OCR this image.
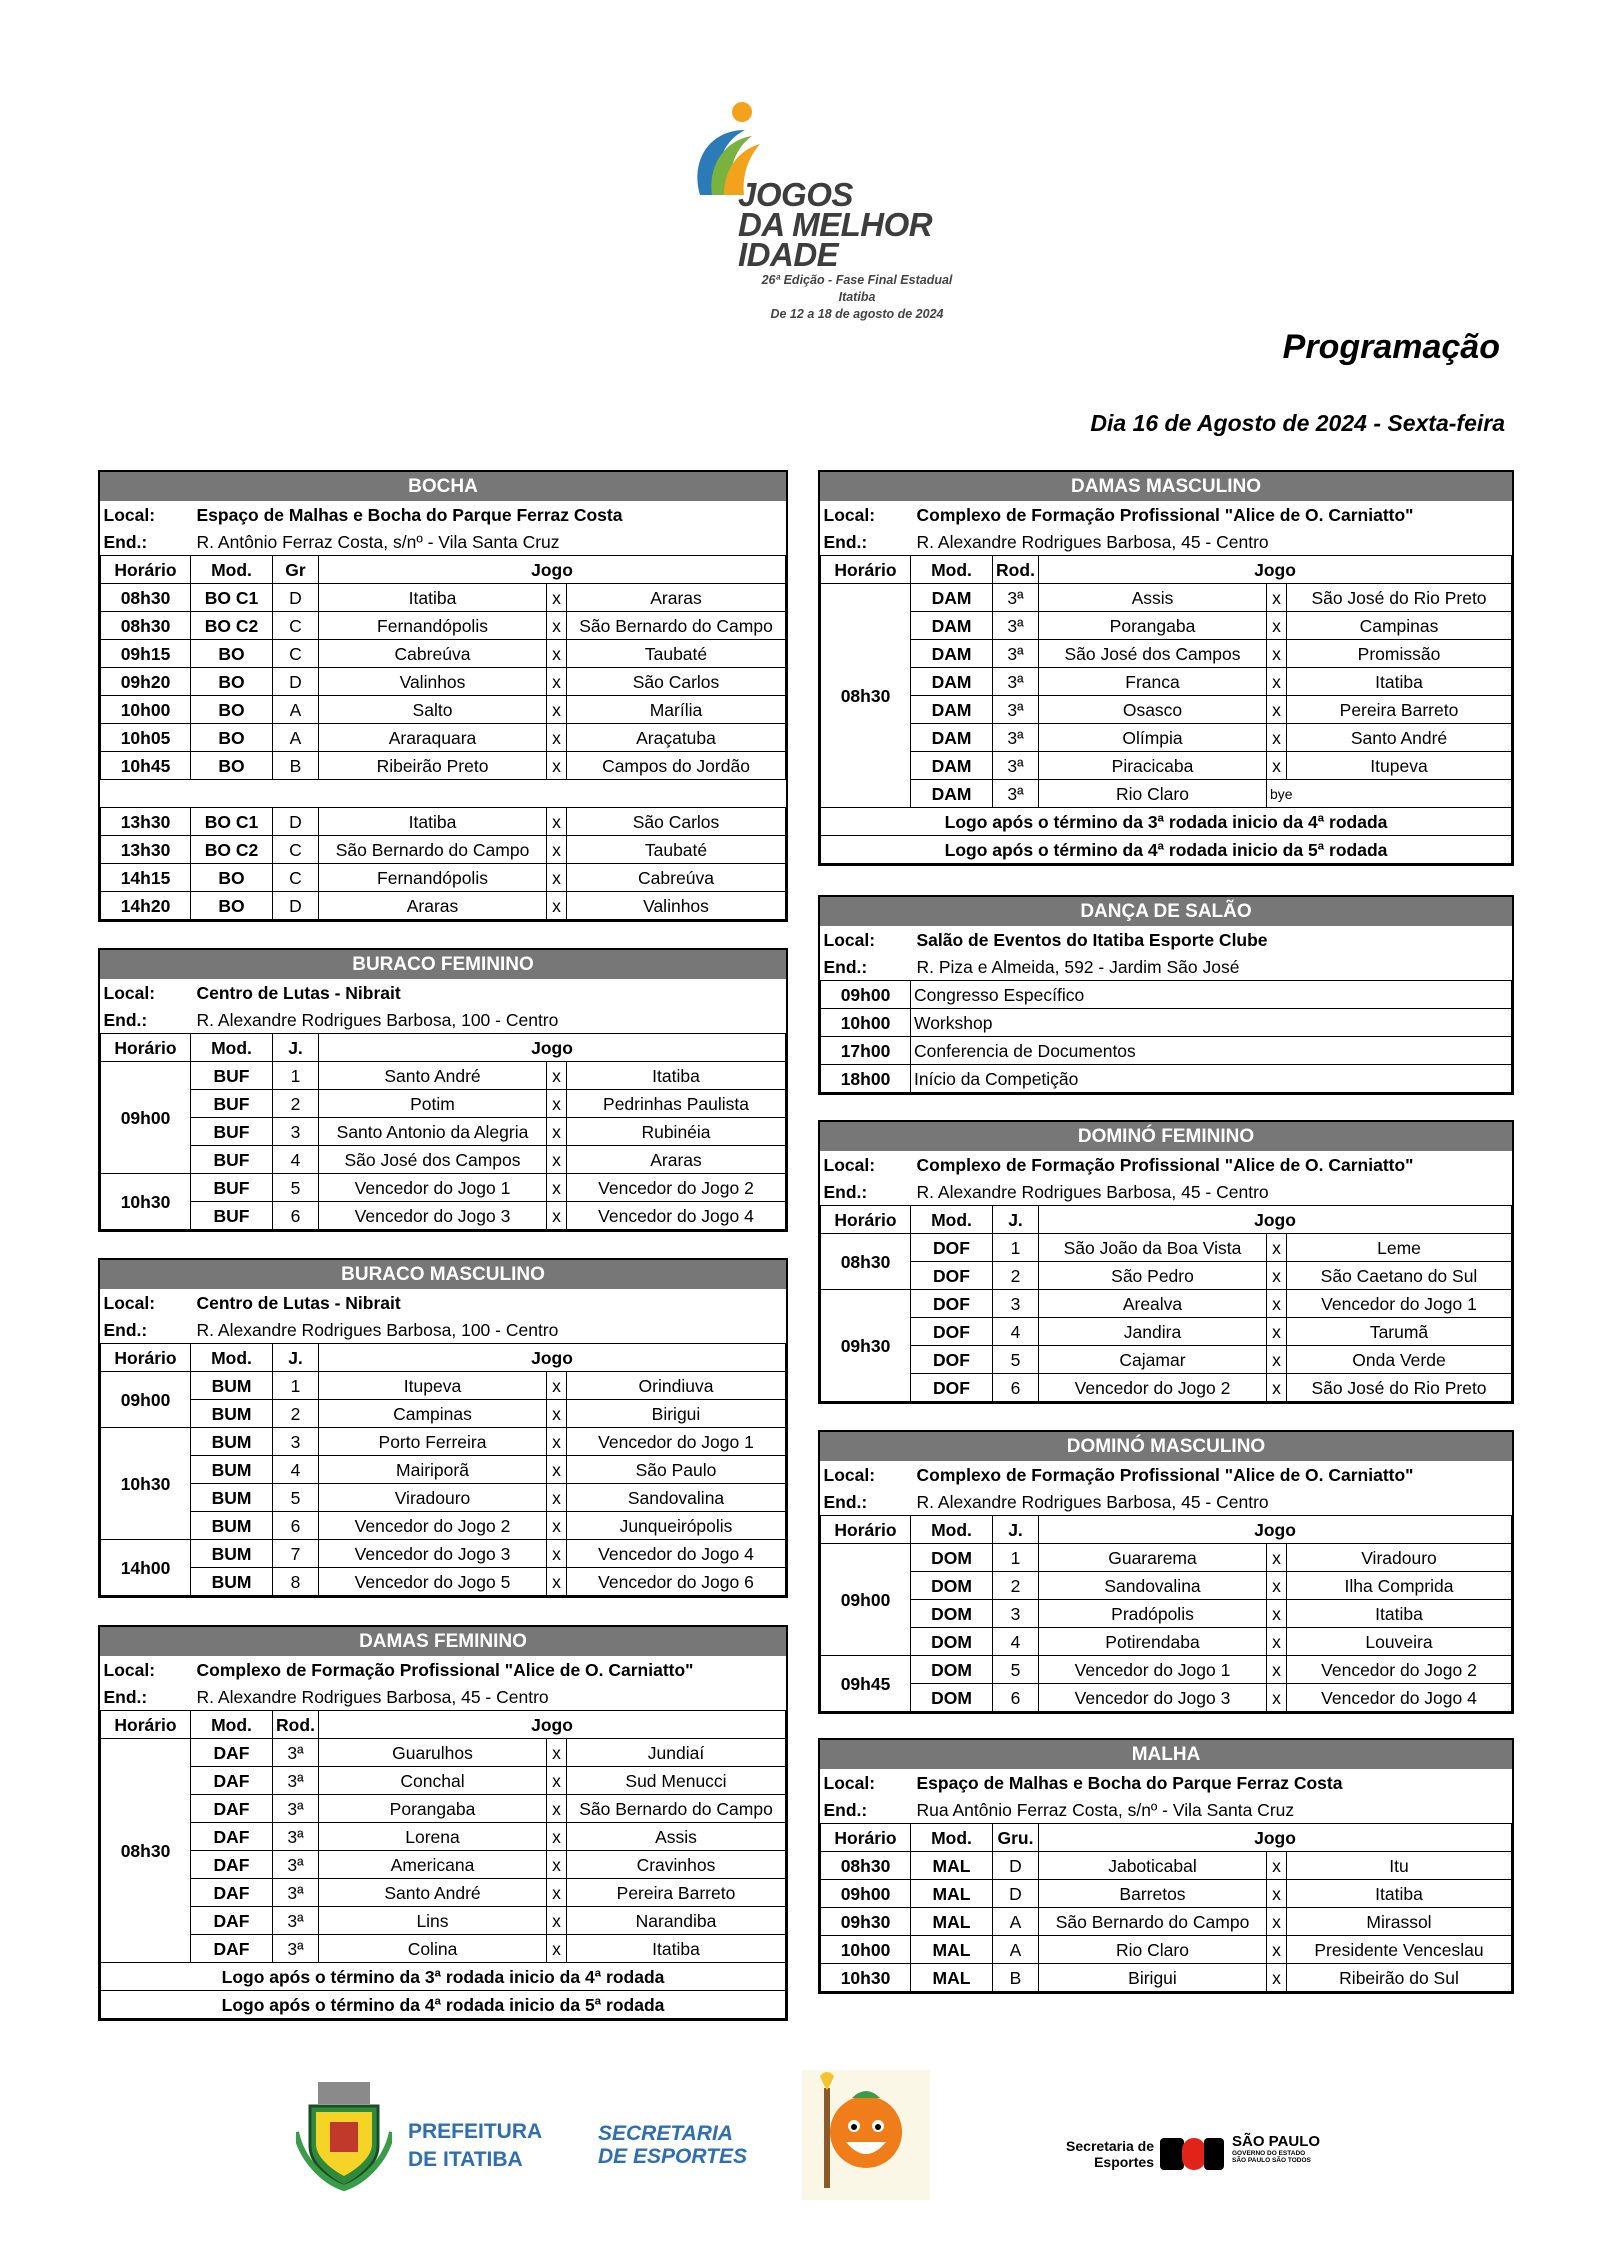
JOGOS
DA MELHOR
IDADE
26ª Edição - Fase Final Estadual
Itatiba
De 12 a 18 de agosto de 2024
Programação
Dia 16 de Agosto de 2024 - Sexta-feira
BOCHA					
Local:	Espaço de Malhas e Bocha do Parque Ferraz Costa				
End.:	R. Antônio Ferraz Costa, s/nº - Vila Santa Cruz				
Horário	Mod.	Gr	Jogo		
08h30	BO C1	D	Itatiba	x	Araras
08h30	BO C2	C	Fernandópolis	x	São Bernardo do Campo
09h15	BO	C	Cabreúva	x	Taubaté
09h20	BO	D	Valinhos	x	São Carlos
10h00	BO	A	Salto	x	Marília
10h05	BO	A	Araraquara	x	Araçatuba
10h45	BO	B	Ribeirão Preto	x	Campos do Jordão

13h30	BO C1	D	Itatiba	x	São Carlos
13h30	BO C2	C	São Bernardo do Campo	x	Taubaté
14h15	BO	C	Fernandópolis	x	Cabreúva
14h20	BO	D	Araras	x	Valinhos
BURACO FEMININO					
Local:	Centro de Lutas - Nibrait				
End.:	R. Alexandre Rodrigues Barbosa, 100 - Centro				
Horário	Mod.	J.	Jogo		
09h00	BUF	1	Santo André	x	Itatiba
	BUF	2	Potim	x	Pedrinhas Paulista
	BUF	3	Santo Antonio da Alegria	x	Rubinéia
	BUF	4	São José dos Campos	x	Araras
10h30	BUF	5	Vencedor do Jogo 1	x	Vencedor do Jogo 2
	BUF	6	Vencedor do Jogo 3	x	Vencedor do Jogo 4
BURACO MASCULINO					
Local:	Centro de Lutas - Nibrait				
End.:	R. Alexandre Rodrigues Barbosa, 100 - Centro				
Horário	Mod.	J.	Jogo		
09h00	BUM	1	Itupeva	x	Orindiuva
	BUM	2	Campinas	x	Birigui
10h30	BUM	3	Porto Ferreira	x	Vencedor do Jogo 1
	BUM	4	Mairiporã	x	São Paulo
	BUM	5	Viradouro	x	Sandovalina
	BUM	6	Vencedor do Jogo 2	x	Junqueirópolis
14h00	BUM	7	Vencedor do Jogo 3	x	Vencedor do Jogo 4
	BUM	8	Vencedor do Jogo 5	x	Vencedor do Jogo 6
DAMAS FEMININO					
Local:	Complexo de Formação Profissional "Alice de O. Carniatto"				
End.:	R. Alexandre Rodrigues Barbosa, 45 - Centro				
Horário	Mod.	Rod.	Jogo		
08h30	DAF	3ª	Guarulhos	x	Jundiaí
	DAF	3ª	Conchal	x	Sud Menucci
	DAF	3ª	Porangaba	x	São Bernardo do Campo
	DAF	3ª	Lorena	x	Assis
	DAF	3ª	Americana	x	Cravinhos
	DAF	3ª	Santo André	x	Pereira Barreto
	DAF	3ª	Lins	x	Narandiba
	DAF	3ª	Colina	x	Itatiba
Logo após o término da 3ª rodada inicio da 4ª rodada					
Logo após o término da 4ª rodada inicio da 5ª rodada					
DAMAS MASCULINO					
Local:	Complexo de Formação Profissional "Alice de O. Carniatto"				
End.:	R. Alexandre Rodrigues Barbosa, 45 - Centro				
Horário	Mod.	Rod.	Jogo		
08h30	DAM	3ª	Assis	x	São José do Rio Preto
	DAM	3ª	Porangaba	x	Campinas
	DAM	3ª	São José dos Campos	x	Promissão
	DAM	3ª	Franca	x	Itatiba
	DAM	3ª	Osasco	x	Pereira Barreto
	DAM	3ª	Olímpia	x	Santo André
	DAM	3ª	Piracicaba	x	Itupeva
	DAM	3ª	Rio Claro	bye	
Logo após o término da 3ª rodada inicio da 4ª rodada					
Logo após o término da 4ª rodada inicio da 5ª rodada					
DANÇA DE SALÃO	
Local:	Salão de Eventos do Itatiba Esporte Clube
End.:	R. Piza e Almeida, 592 - Jardim São José
09h00	Congresso Específico
10h00	Workshop
17h00	Conferencia de Documentos
18h00	Início da Competição
DOMINÓ FEMININO					
Local:	Complexo de Formação Profissional "Alice de O. Carniatto"				
End.:	R. Alexandre Rodrigues Barbosa, 45 - Centro				
Horário	Mod.	J.	Jogo		
08h30	DOF	1	São João da Boa Vista	x	Leme
	DOF	2	São Pedro	x	São Caetano do Sul
09h30	DOF	3	Arealva	x	Vencedor do Jogo 1
	DOF	4	Jandira	x	Tarumã
	DOF	5	Cajamar	x	Onda Verde
	DOF	6	Vencedor do Jogo 2	x	São José do Rio Preto
DOMINÓ MASCULINO					
Local:	Complexo de Formação Profissional "Alice de O. Carniatto"				
End.:	R. Alexandre Rodrigues Barbosa, 45 - Centro				
Horário	Mod.	J.	Jogo		
09h00	DOM	1	Guararema	x	Viradouro
	DOM	2	Sandovalina	x	Ilha Comprida
	DOM	3	Pradópolis	x	Itatiba
	DOM	4	Potirendaba	x	Louveira
09h45	DOM	5	Vencedor do Jogo 1	x	Vencedor do Jogo 2
	DOM	6	Vencedor do Jogo 3	x	Vencedor do Jogo 4
MALHA					
Local:	Espaço de Malhas e Bocha do Parque Ferraz Costa				
End.:	Rua Antônio Ferraz Costa, s/nº - Vila Santa Cruz				
Horário	Mod.	Gru.	Jogo		
08h30	MAL	D	Jaboticabal	x	Itu
09h00	MAL	D	Barretos	x	Itatiba
09h30	MAL	A	São Bernardo do Campo	x	Mirassol
10h00	MAL	A	Rio Claro	x	Presidente Venceslau
10h30	MAL	B	Birigui	x	Ribeirão do Sul
PREFEITURA
DE ITATIBA
SECRETARIA
DE ESPORTES	Secretaria de
Esportes
SÃO PAULO
GOVERNO DO ESTADO
SÃO PAULO SÃO TODOS
